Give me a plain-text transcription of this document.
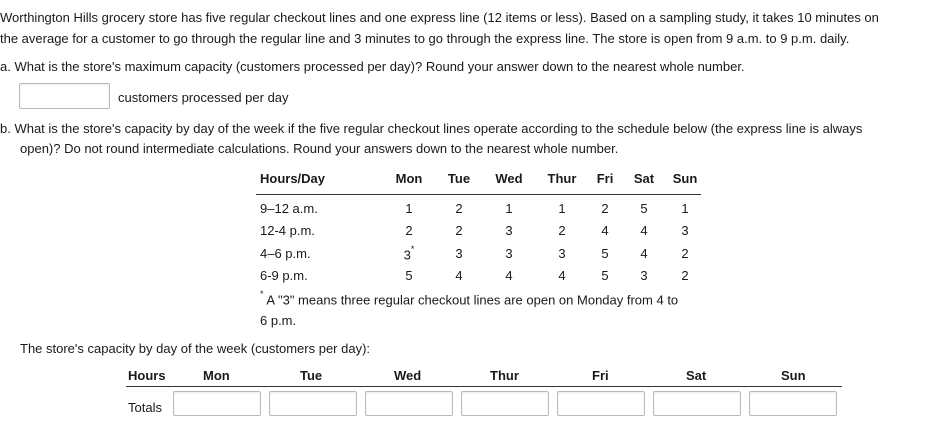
Worthington Hills grocery store has five regular checkout lines and one express line (12 items or less). Based on a sampling study, it takes 10 minutes on
the average for a customer to go through the regular line and 3 minutes to go through the express line. The store is open from 9 a.m. to 9 p.m. daily.
a. What is the store's maximum capacity (customers processed per day)? Round your answer down to the nearest whole number.
customers processed per day
b. What is the store's capacity by day of the week if the five regular checkout lines operate according to the schedule below (the express line is always
open)? Do not round intermediate calculations. Round your answers down to the nearest whole number.
Hours/Day	Mon	Tue	Wed Thur	Fri	Sat	Sun
9–12 a.m.	1	2	1	1	2	5	1
12-4 p.m.	2	2	3	2	4	4	3
4–6 p.m.	3*	3	3	3	5	4	2
6-9 p.m.	5	4	4	4	5	3	2
* A "3" means three regular checkout lines are open on Monday from 4 to
6 p.m.
The store's capacity by day of the week (customers per day):
Hours	Mon	Tue	Wed	Thur	Fri	Sat	Sun
Totals
